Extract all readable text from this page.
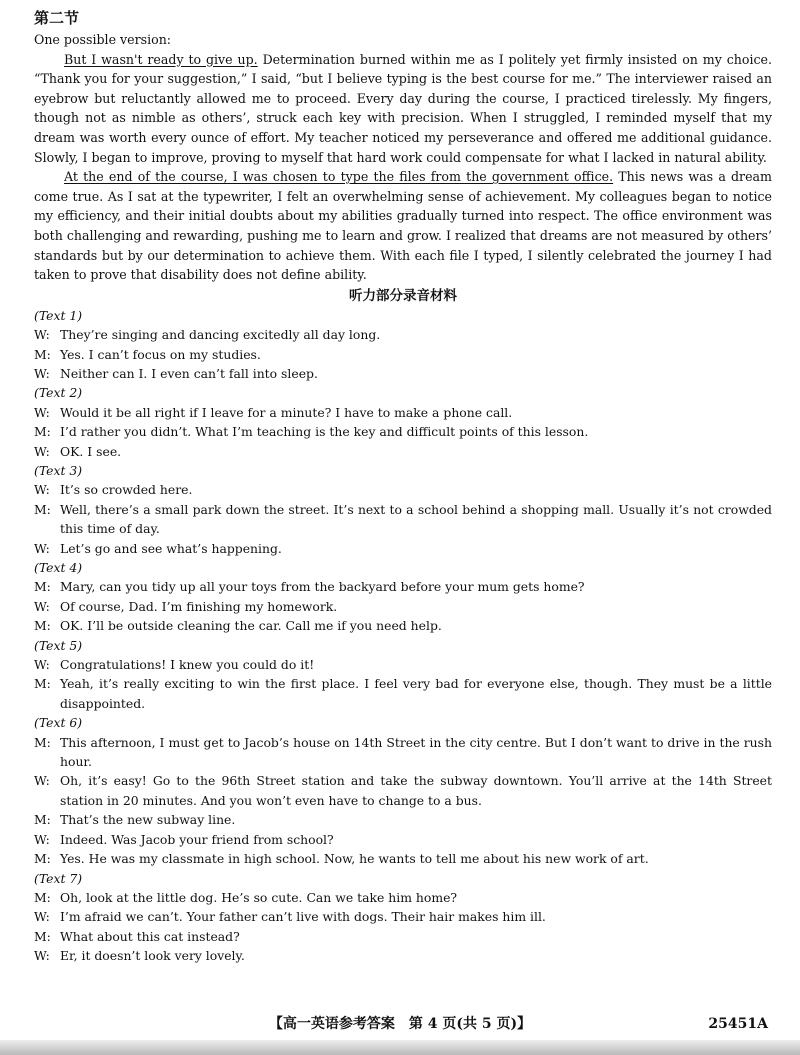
第二节

One possible version:

But I wasn't ready to give up. Determination burned within me as I politely yet firmly insisted on my choice. “Thank you for your suggestion,” I said, “but I believe typing is the best course for me.” The interviewer raised an eyebrow but reluctantly allowed me to proceed. Every day during the course, I practiced tirelessly. My fingers, though not as nimble as others’, struck each key with precision. When I struggled, I reminded myself that my dream was worth every ounce of effort. My teacher noticed my perseverance and offered me additional guidance. Slowly, I began to improve, proving to myself that hard work could compensate for what I lacked in natural ability.

At the end of the course, I was chosen to type the files from the government office. This news was a dream come true. As I sat at the typewriter, I felt an overwhelming sense of achievement. My colleagues began to notice my efficiency, and their initial doubts about my abilities gradually turned into respect. The office environment was both challenging and rewarding, pushing me to learn and grow. I realized that dreams are not measured by others’ standards but by our determination to achieve them. With each file I typed, I silently celebrated the journey I had taken to prove that disability does not define ability.

听力部分录音材料
(Text 1)
W: They’re singing and dancing excitedly all day long.
M: Yes. I can’t focus on my studies.
W: Neither can I. I even can’t fall into sleep.
(Text 2)
W: Would it be all right if I leave for a minute? I have to make a phone call.
M: I’d rather you didn’t. What I’m teaching is the key and difficult points of this lesson.
W: OK. I see.
(Text 3)
W: It’s so crowded here.
M: Well, there’s a small park down the street. It’s next to a school behind a shopping mall. Usually it’s not crowded this time of day.
W: Let’s go and see what’s happening.
(Text 4)
M: Mary, can you tidy up all your toys from the backyard before your mum gets home?
W: Of course, Dad. I’m finishing my homework.
M: OK. I’ll be outside cleaning the car. Call me if you need help.
(Text 5)
W: Congratulations! I knew you could do it!
M: Yeah, it’s really exciting to win the first place. I feel very bad for everyone else, though. They must be a little disappointed.
(Text 6)
M: This afternoon, I must get to Jacob’s house on 14th Street in the city centre. But I don’t want to drive in the rush hour.
W: Oh, it’s easy! Go to the 96th Street station and take the subway downtown. You’ll arrive at the 14th Street station in 20 minutes. And you won’t even have to change to a bus.
M: That’s the new subway line.
W: Indeed. Was Jacob your friend from school?
M: Yes. He was my classmate in high school. Now, he wants to tell me about his new work of art.
(Text 7)
M: Oh, look at the little dog. He’s so cute. Can we take him home?
W: I’m afraid we can’t. Your father can’t live with dogs. Their hair makes him ill.
M: What about this cat instead?
W: Er, it doesn’t look very lovely.
【高一英语参考答案　第 4 页(共 5 页)】	25451A
